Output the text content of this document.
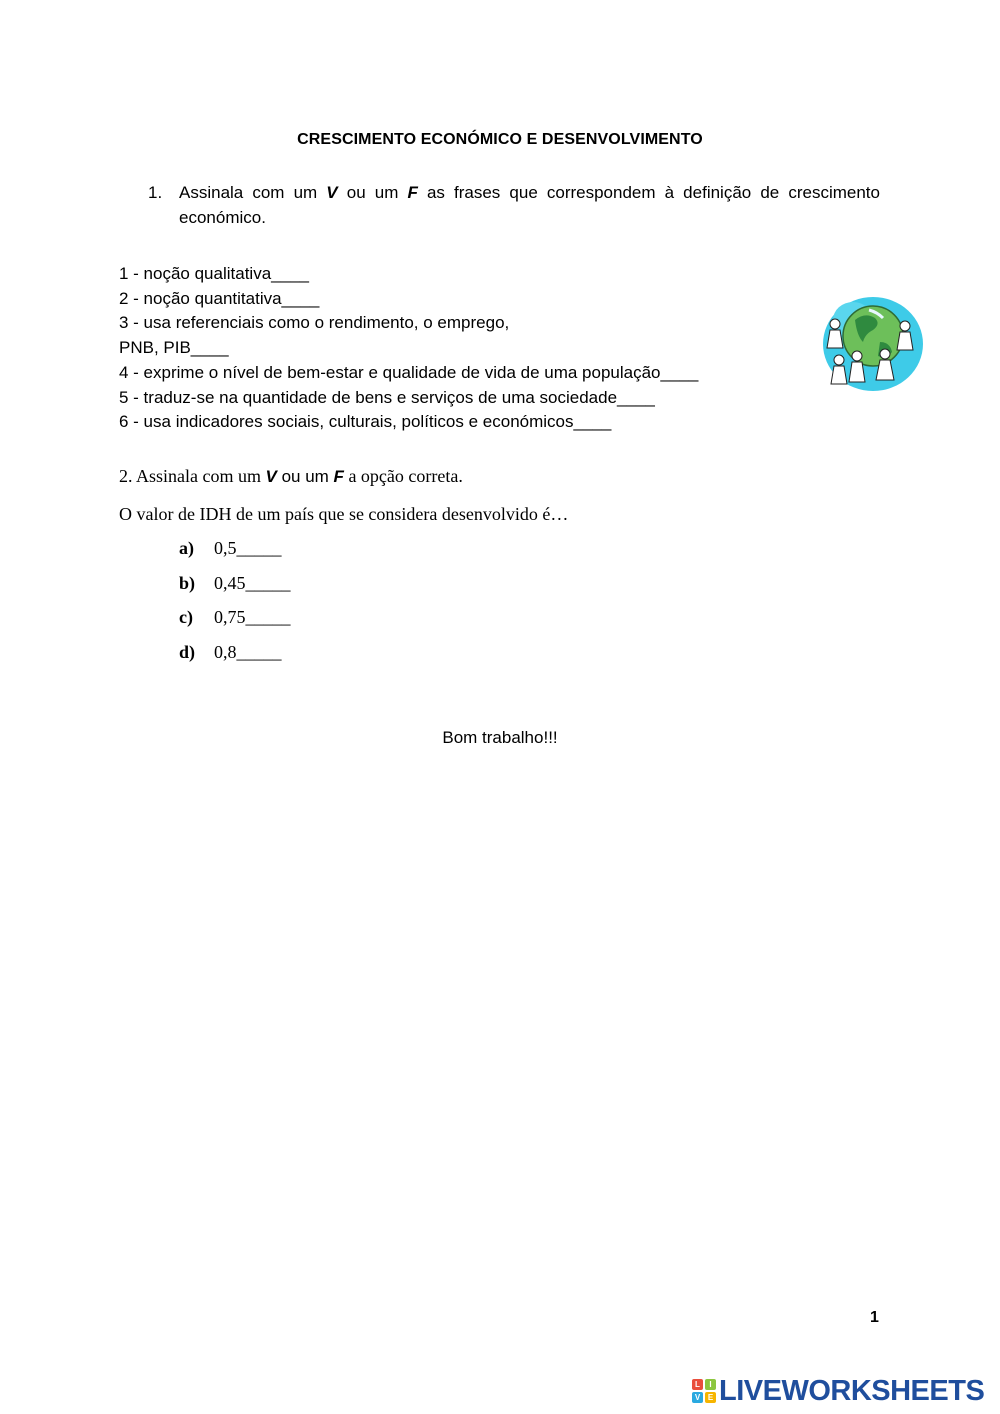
CRESCIMENTO ECONÓMICO E DESENVOLVIMENTO
1. Assinala com um V ou um F as frases que correspondem à definição de crescimento económico.
1 - noção qualitativa____
2 - noção quantitativa____
3 - usa referenciais como o rendimento, o emprego,
PNB, PIB____
4 - exprime o nível de bem-estar e qualidade de vida de uma população____
5 - traduz-se na quantidade de bens e serviços de uma sociedade____
6 - usa indicadores sociais, culturais, políticos e económicos____
2. Assinala com um V ou um F a opção correta.
O valor de IDH de um país que se considera desenvolvido é…
a) 0,5_____
b) 0,45_____
c) 0,75_____
d) 0,8_____
Bom trabalho!!!
1
L	I
V E LIVEWORKSHEETS
